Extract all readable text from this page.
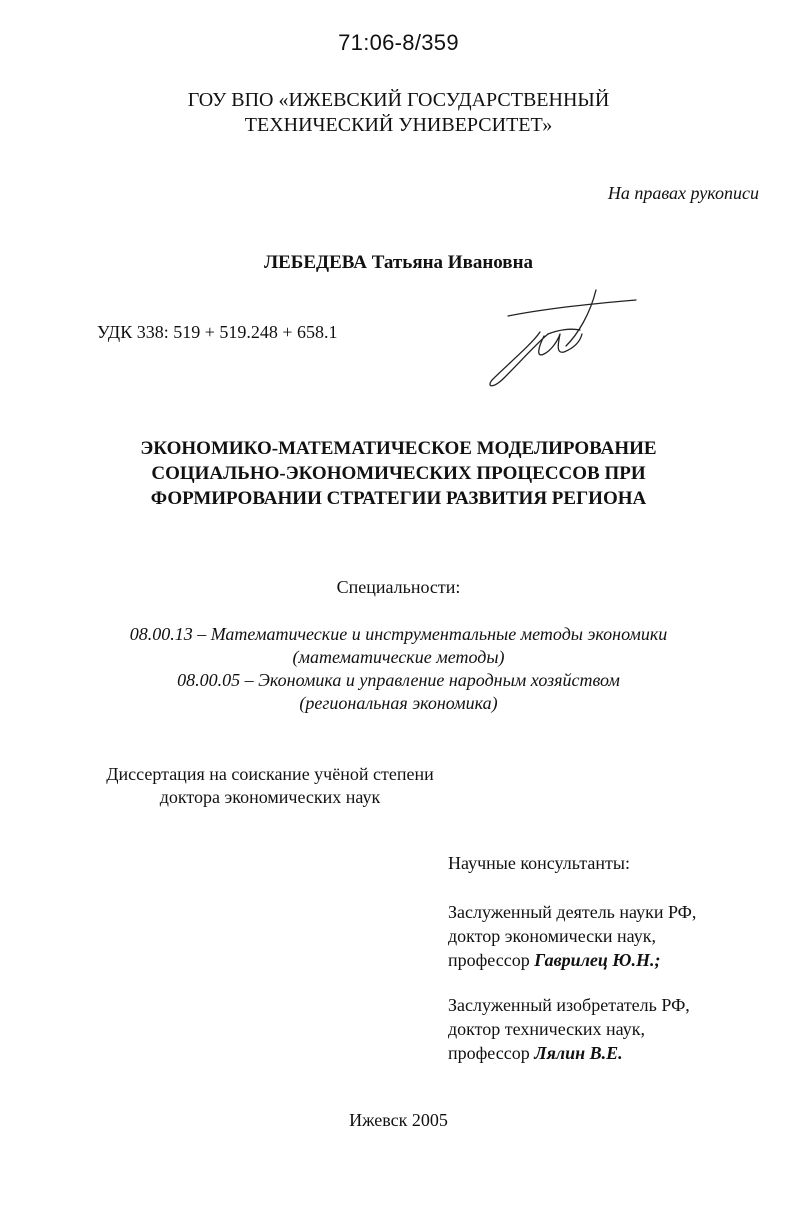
71:06-8/359
ГОУ ВПО «ИЖЕВСКИЙ ГОСУДАРСТВЕННЫЙ
ТЕХНИЧЕСКИЙ УНИВЕРСИТЕТ»
На правах рукописи
ЛЕБЕДЕВА Татьяна Ивановна
УДК 338: 519 + 519.248 + 658.1
ЭКОНОМИКО-МАТЕМАТИЧЕСКОЕ МОДЕЛИРОВАНИЕ
СОЦИАЛЬНО-ЭКОНОМИЧЕСКИХ ПРОЦЕССОВ ПРИ
ФОРМИРОВАНИИ СТРАТЕГИИ РАЗВИТИЯ РЕГИОНА
Специальности:
08.00.13 – Математические и инструментальные методы экономики
(математические методы)
08.00.05 – Экономика и управление народным хозяйством
(региональная экономика)
Диссертация на соискание учёной степени
доктора экономических наук
Научные консультанты:
Заслуженный деятель науки РФ,
доктор экономически наук,
профессор Гаврилец Ю.Н.;
Заслуженный изобретатель РФ,
доктор технических наук,
профессор Лялин В.Е.
Ижевск 2005
